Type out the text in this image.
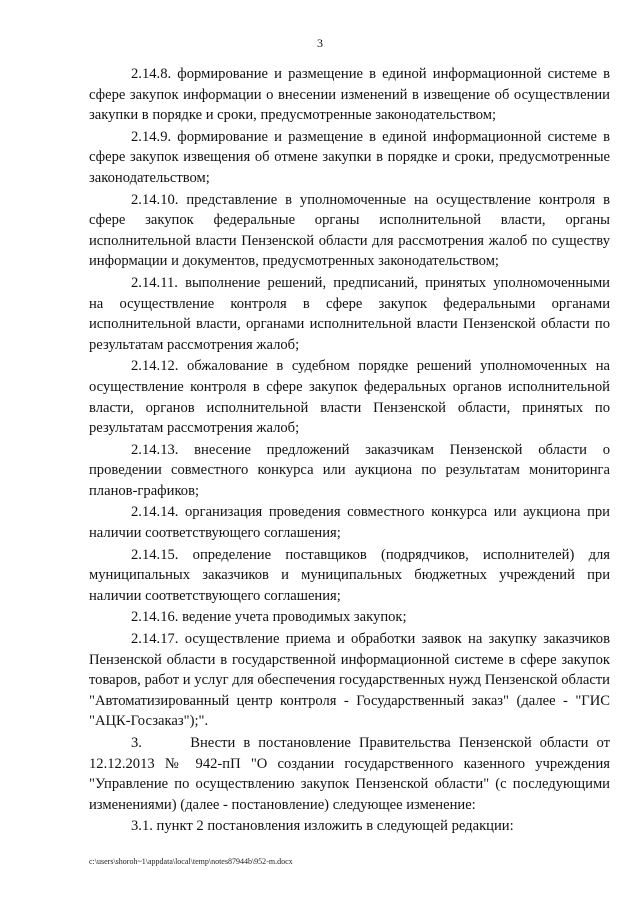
3

2.14.8. формирование и размещение в единой информационной системе в сфере закупок информации о внесении изменений в извещение об осуществлении закупки в порядке и сроки, предусмотренные законодательством;

2.14.9. формирование и размещение в единой информационной системе в сфере закупок извещения об отмене закупки в порядке и сроки, предусмотренные законодательством;

2.14.10. представление в уполномоченные на осуществление контроля в сфере закупок федеральные органы исполнительной власти, органы исполнительной власти Пензенской области для рассмотрения жалоб по существу информации и документов, предусмотренных законодательством;

2.14.11. выполнение решений, предписаний, принятых уполномоченными на осуществление контроля в сфере закупок федеральными органами исполнительной власти, органами исполнительной власти Пензенской области по результатам рассмотрения жалоб;

2.14.12. обжалование в судебном порядке решений уполномоченных на осуществление контроля в сфере закупок федеральных органов исполнительной власти, органов исполнительной власти Пензенской области, принятых по результатам рассмотрения жалоб;

2.14.13. внесение предложений заказчикам Пензенской области о проведении совместного конкурса или аукциона по результатам мониторинга планов-графиков;

2.14.14. организация проведения совместного конкурса или аукциона при наличии соответствующего соглашения;

2.14.15. определение поставщиков (подрядчиков, исполнителей) для муниципальных заказчиков и муниципальных бюджетных учреждений при наличии соответствующего соглашения;

2.14.16. ведение учета проводимых закупок;

2.14.17. осуществление приема и обработки заявок на закупку заказчиков Пензенской области в государственной информационной системе в сфере закупок товаров, работ и услуг для обеспечения государственных нужд Пензенской области "Автоматизированный центр контроля - Государственный заказ" (далее - "ГИС "АЦК-Госзаказ");".

3.      Внести в постановление Правительства Пензенской области от 12.12.2013 № 942-пП "О создании государственного казенного учреждения "Управление по осуществлению закупок Пензенской области" (с последующими изменениями) (далее - постановление) следующее изменение:

3.1. пункт 2 постановления изложить в следующей редакции:

c:\users\shoroh~1\appdata\local\temp\notes87944b\952-m.docx
